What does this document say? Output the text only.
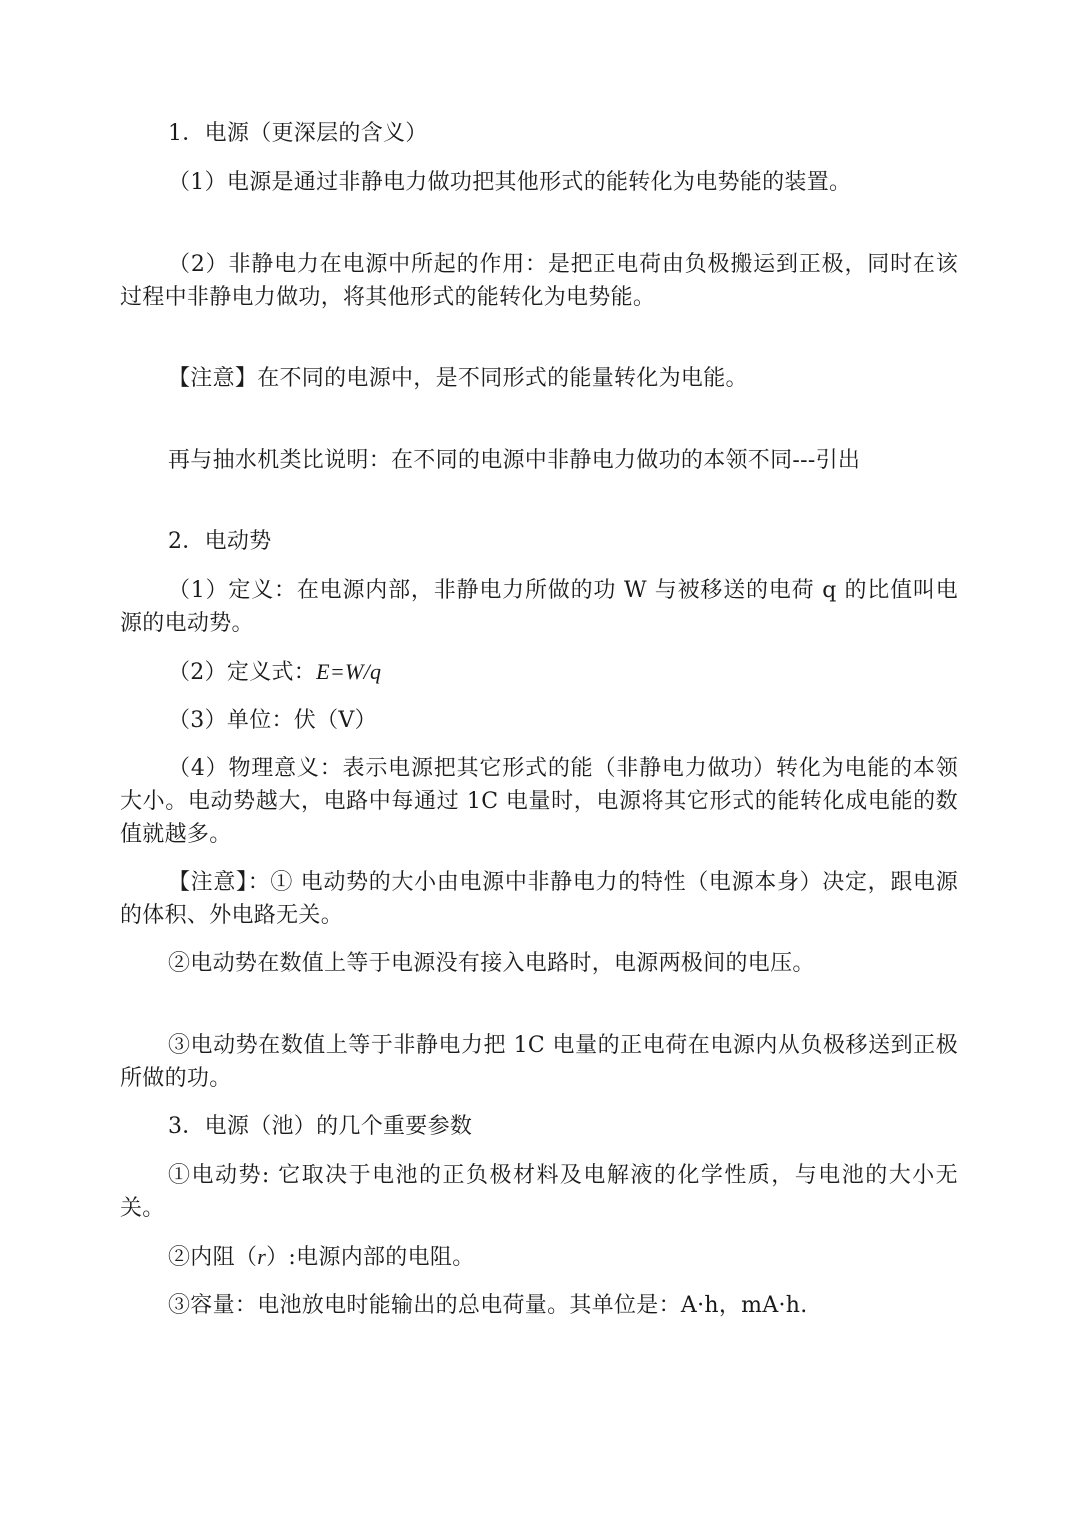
1．电源（更深层的含义）

（1）电源是通过非静电力做功把其他形式的能转化为电势能的装置。

（2）非静电力在电源中所起的作用：是把正电荷由负极搬运到正极，同时在该过程中非静电力做功，将其他形式的能转化为电势能。

【注意】在不同的电源中，是不同形式的能量转化为电能。

再与抽水机类比说明：在不同的电源中非静电力做功的本领不同---引出

2．电动势

（1）定义：在电源内部，非静电力所做的功 W 与被移送的电荷 q 的比值叫电源的电动势。

（2）定义式：E=W/q

（3）单位：伏（V）

（4）物理意义：表示电源把其它形式的能（非静电力做功）转化为电能的本领大小。电动势越大，电路中每通过 1C 电量时，电源将其它形式的能转化成电能的数值就越多。

【注意】：① 电动势的大小由电源中非静电力的特性（电源本身）决定，跟电源的体积、外电路无关。

②电动势在数值上等于电源没有接入电路时，电源两极间的电压。

③电动势在数值上等于非静电力把 1C 电量的正电荷在电源内从负极移送到正极所做的功。

3．电源（池）的几个重要参数

①电动势: 它取决于电池的正负极材料及电解液的化学性质，与电池的大小无关。

②内阻（r）:电源内部的电阻。

③容量：电池放电时能输出的总电荷量。其单位是：A·h，mA·h.
